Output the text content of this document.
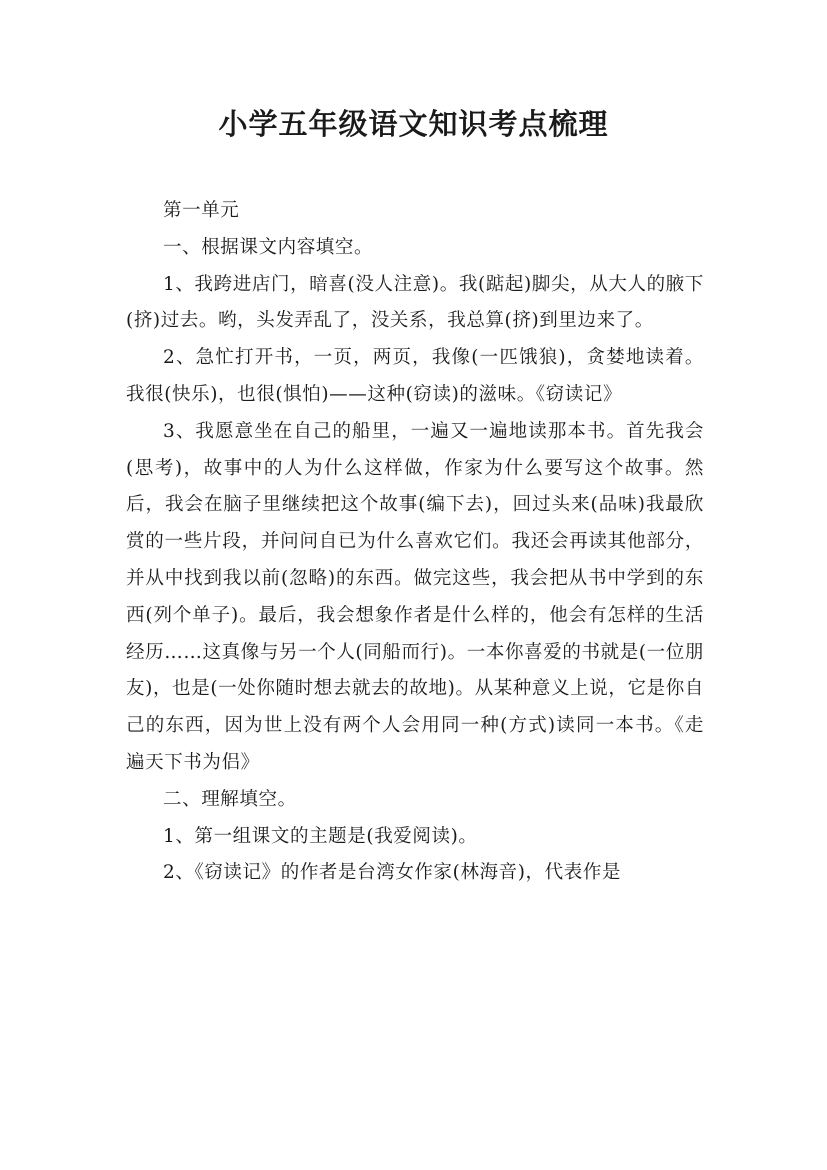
小学五年级语文知识考点梳理

第一单元

一、根据课文内容填空。

1、我跨进店门，暗喜(没人注意)。我(踮起)脚尖，从大人的腋下(挤)过去。哟，头发弄乱了，没关系，我总算(挤)到里边来了。

2、急忙打开书，一页，两页，我像(一匹饿狼)，贪婪地读着。我很(快乐)，也很(惧怕)——这种(窃读)的滋味。《窃读记》

3、我愿意坐在自己的船里，一遍又一遍地读那本书。首先我会(思考)，故事中的人为什么这样做，作家为什么要写这个故事。然后，我会在脑子里继续把这个故事(编下去)，回过头来(品味)我最欣赏的一些片段，并问问自已为什么喜欢它们。我还会再读其他部分，并从中找到我以前(忽略)的东西。做完这些，我会把从书中学到的东西(列个单子)。最后，我会想象作者是什么样的，他会有怎样的生活经历……这真像与另一个人(同船而行)。一本你喜爱的书就是(一位朋友)，也是(一处你随时想去就去的故地)。从某种意义上说，它是你自己的东西，因为世上没有两个人会用同一种(方式)读同一本书。《走遍天下书为侣》

二、理解填空。

1、第一组课文的主题是(我爱阅读)。

2、《窃读记》的作者是台湾女作家(林海音)，代表作是
